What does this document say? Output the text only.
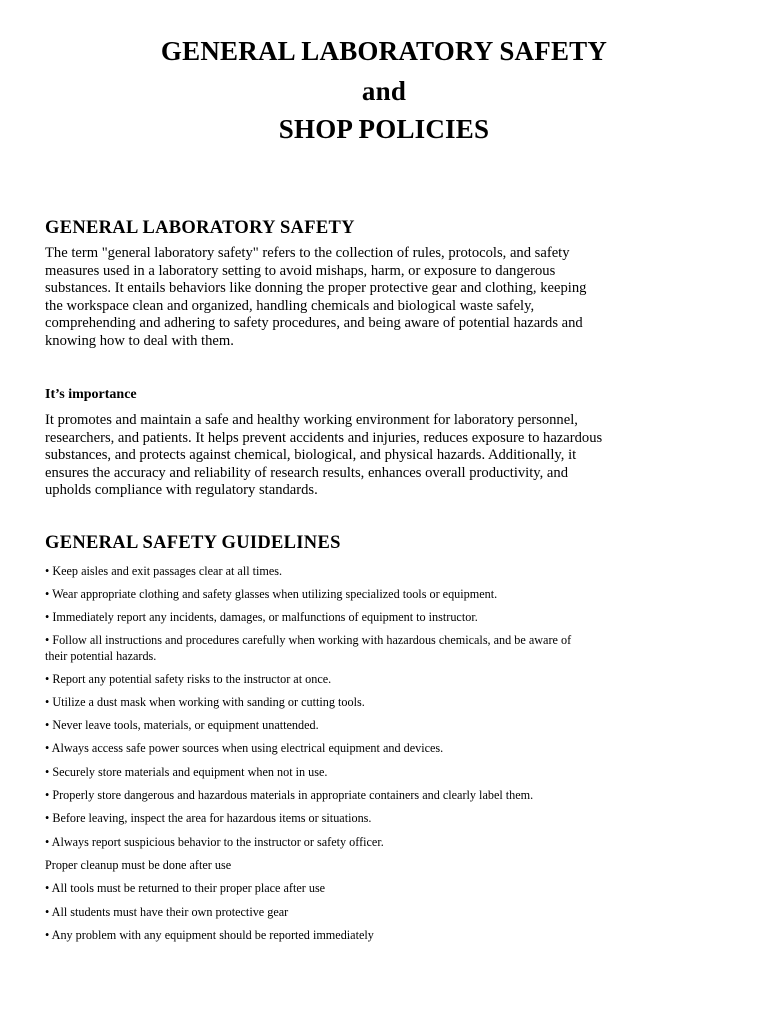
GENERAL LABORATORY SAFETY
and
SHOP POLICIES
GENERAL LABORATORY SAFETY
The term "general laboratory safety" refers to the collection of rules, protocols, and safety
measures used in a laboratory setting to avoid mishaps, harm, or exposure to dangerous
substances. It entails behaviors like donning the proper protective gear and clothing, keeping
the workspace clean and organized, handling chemicals and biological waste safely,
comprehending and adhering to safety procedures, and being aware of potential hazards and
knowing how to deal with them.
It’s importance
It promotes and maintain a safe and healthy working environment for laboratory personnel,
researchers, and patients. It helps prevent accidents and injuries, reduces exposure to hazardous
substances, and protects against chemical, biological, and physical hazards. Additionally, it
ensures the accuracy and reliability of research results, enhances overall productivity, and
upholds compliance with regulatory standards.
GENERAL SAFETY GUIDELINES
• Keep aisles and exit passages clear at all times.
• Wear appropriate clothing and safety glasses when utilizing specialized tools or equipment.
• Immediately report any incidents, damages, or malfunctions of equipment to instructor.
• Follow all instructions and procedures carefully when working with hazardous chemicals, and be aware of
their potential hazards.
• Report any potential safety risks to the instructor at once.
• Utilize a dust mask when working with sanding or cutting tools.
• Never leave tools, materials, or equipment unattended.
• Always access safe power sources when using electrical equipment and devices.
• Securely store materials and equipment when not in use.
• Properly store dangerous and hazardous materials in appropriate containers and clearly label them.
• Before leaving, inspect the area for hazardous items or situations.
• Always report suspicious behavior to the instructor or safety officer.
Proper cleanup must be done after use
• All tools must be returned to their proper place after use
• All students must have their own protective gear
• Any problem with any equipment should be reported immediately
